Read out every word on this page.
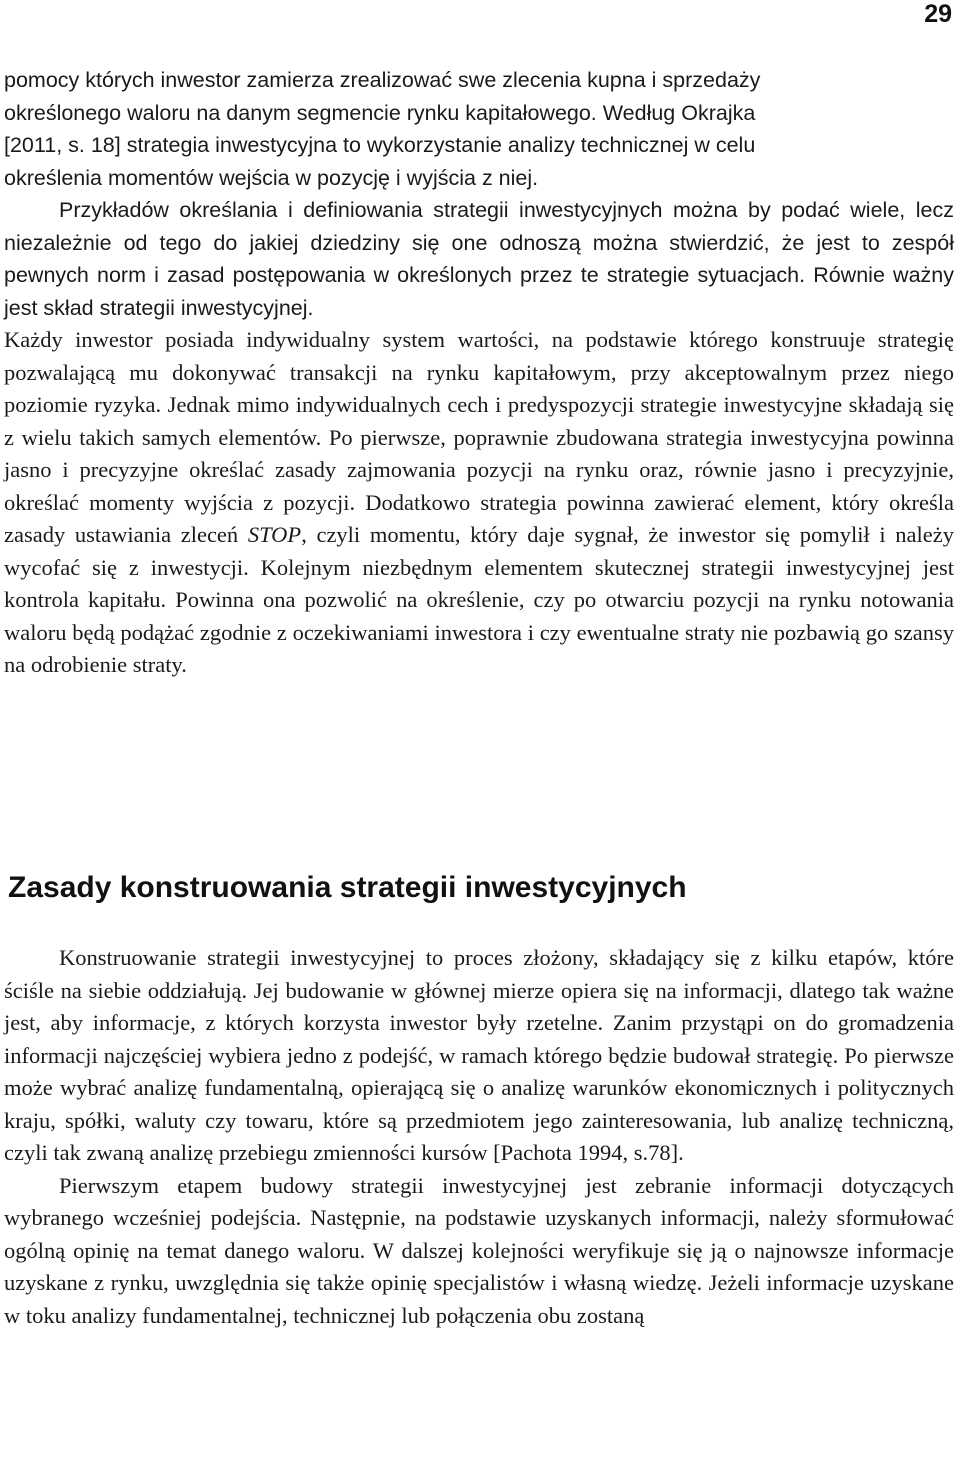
29
pomocy których inwestor zamierza zrealizować swe zlecenia kupna i sprzedaży
określonego waloru na danym segmencie rynku kapitałowego. Według Okrajka
[2011, s. 18] strategia inwestycyjna to wykorzystanie analizy technicznej w celu
określenia momentów wejścia w pozycję i wyjścia z niej.

Przykładów określania i definiowania strategii inwestycyjnych można by podać wiele, lecz niezależnie od tego do jakiej dziedziny się one odnoszą można stwierdzić, że jest to zespół pewnych norm i zasad postępowania w określonych przez te strategie sytuacjach. Równie ważny jest skład strategii inwestycyjnej.

Każdy inwestor posiada indywidualny system wartości, na podstawie którego konstruuje strategię pozwalającą mu dokonywać transakcji na rynku kapitałowym, przy akceptowalnym przez niego poziomie ryzyka. Jednak mimo indywidualnych cech i predyspozycji strategie inwestycyjne składają się z wielu takich samych elementów. Po pierwsze, poprawnie zbudowana strategia inwestycyjna powinna jasno i precyzyjne określać zasady zajmowania pozycji na rynku oraz, równie jasno i precyzyjnie, określać momenty wyjścia z pozycji. Dodatkowo strategia powinna zawierać element, który określa zasady ustawiania zleceń STOP, czyli momentu, który daje sygnał, że inwestor się pomylił i należy wycofać się z inwestycji. Kolejnym niezbędnym elementem skutecznej strategii inwestycyjnej jest kontrola kapitału. Powinna ona pozwolić na określenie, czy po otwarciu pozycji na rynku notowania waloru będą podążać zgodnie z oczekiwaniami inwestora i czy ewentualne straty nie pozbawią go szansy na odrobienie straty.

Zasady konstruowania strategii inwestycyjnych

Konstruowanie strategii inwestycyjnej to proces złożony, składający się z kilku etapów, które ściśle na siebie oddziałują. Jej budowanie w głównej mierze opiera się na informacji, dlatego tak ważne jest, aby informacje, z których korzysta inwestor były rzetelne. Zanim przystąpi on do gromadzenia informacji najczęściej wybiera jedno z podejść, w ramach którego będzie budował strategię. Po pierwsze może wybrać analizę fundamentalną, opierającą się o analizę warunków ekonomicznych i politycznych kraju, spółki, waluty czy towaru, które są przedmiotem jego zainteresowania, lub analizę techniczną, czyli tak zwaną analizę przebiegu zmienności kursów [Pachota 1994, s.78].

Pierwszym etapem budowy strategii inwestycyjnej jest zebranie informacji dotyczących wybranego wcześniej podejścia. Następnie, na podstawie uzyskanych informacji, należy sformułować ogólną opinię na temat danego waloru. W dalszej kolejności weryfikuje się ją o najnowsze informacje uzyskane z rynku, uwzględnia się także opinię specjalistów i własną wiedzę. Jeżeli informacje uzyskane w toku analizy fundamentalnej, technicznej lub połączenia obu zostaną
